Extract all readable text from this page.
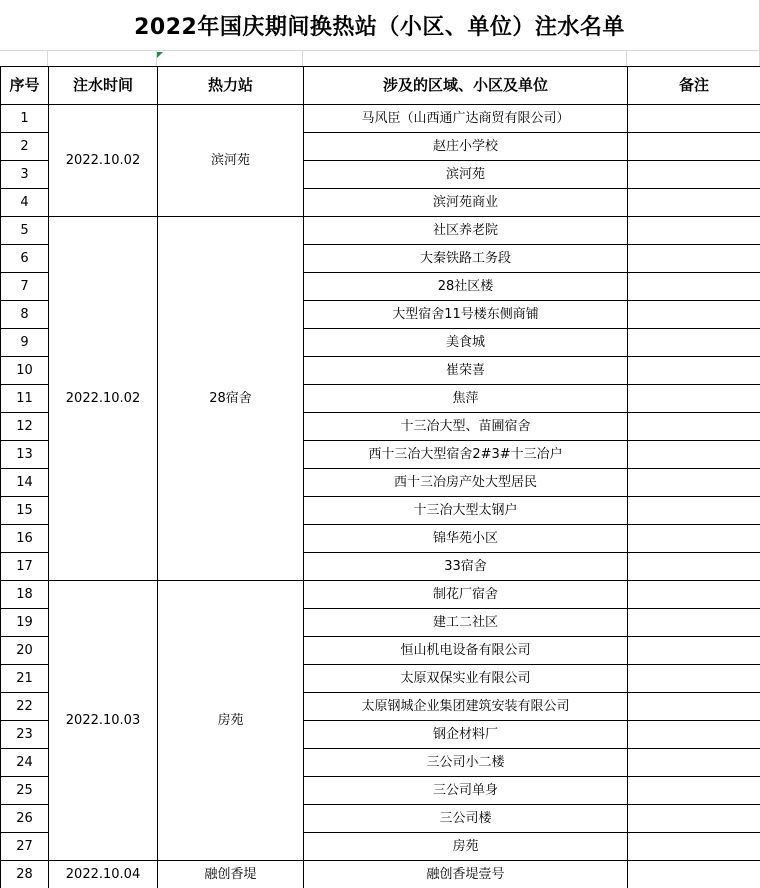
2022年国庆期间换热站（小区、单位）注水名单
序号	注水时间	热力站	涉及的区域、小区及单位	备注
1	2022.10.02	滨河苑	马风臣（山西通广达商贸有限公司）	
2			赵庄小学校	
3			滨河苑	
4			滨河苑商业	
5	2022.10.02	28宿舍	社区养老院	
6			大秦铁路工务段	
7			28社区楼	
8			大型宿舍11号楼东侧商铺	
9			美食城	
10			崔荣喜	
11			焦萍	
12			十三冶大型、苗圃宿舍	
13			西十三冶大型宿舍2#3#十三冶户	
14			西十三冶房产处大型居民	
15			十三冶大型太钢户	
16			锦华苑小区	
17			33宿舍	
18	2022.10.03	房苑	制花厂宿舍	
19			建工二社区	
20			恒山机电设备有限公司	
21			太原双保实业有限公司	
22			太原钢城企业集团建筑安装有限公司	
23			钢企材料厂	
24			三公司小二楼	
25			三公司单身	
26			三公司楼	
27			房苑	
28	2022.10.04	融创香堤	融创香堤壹号	
